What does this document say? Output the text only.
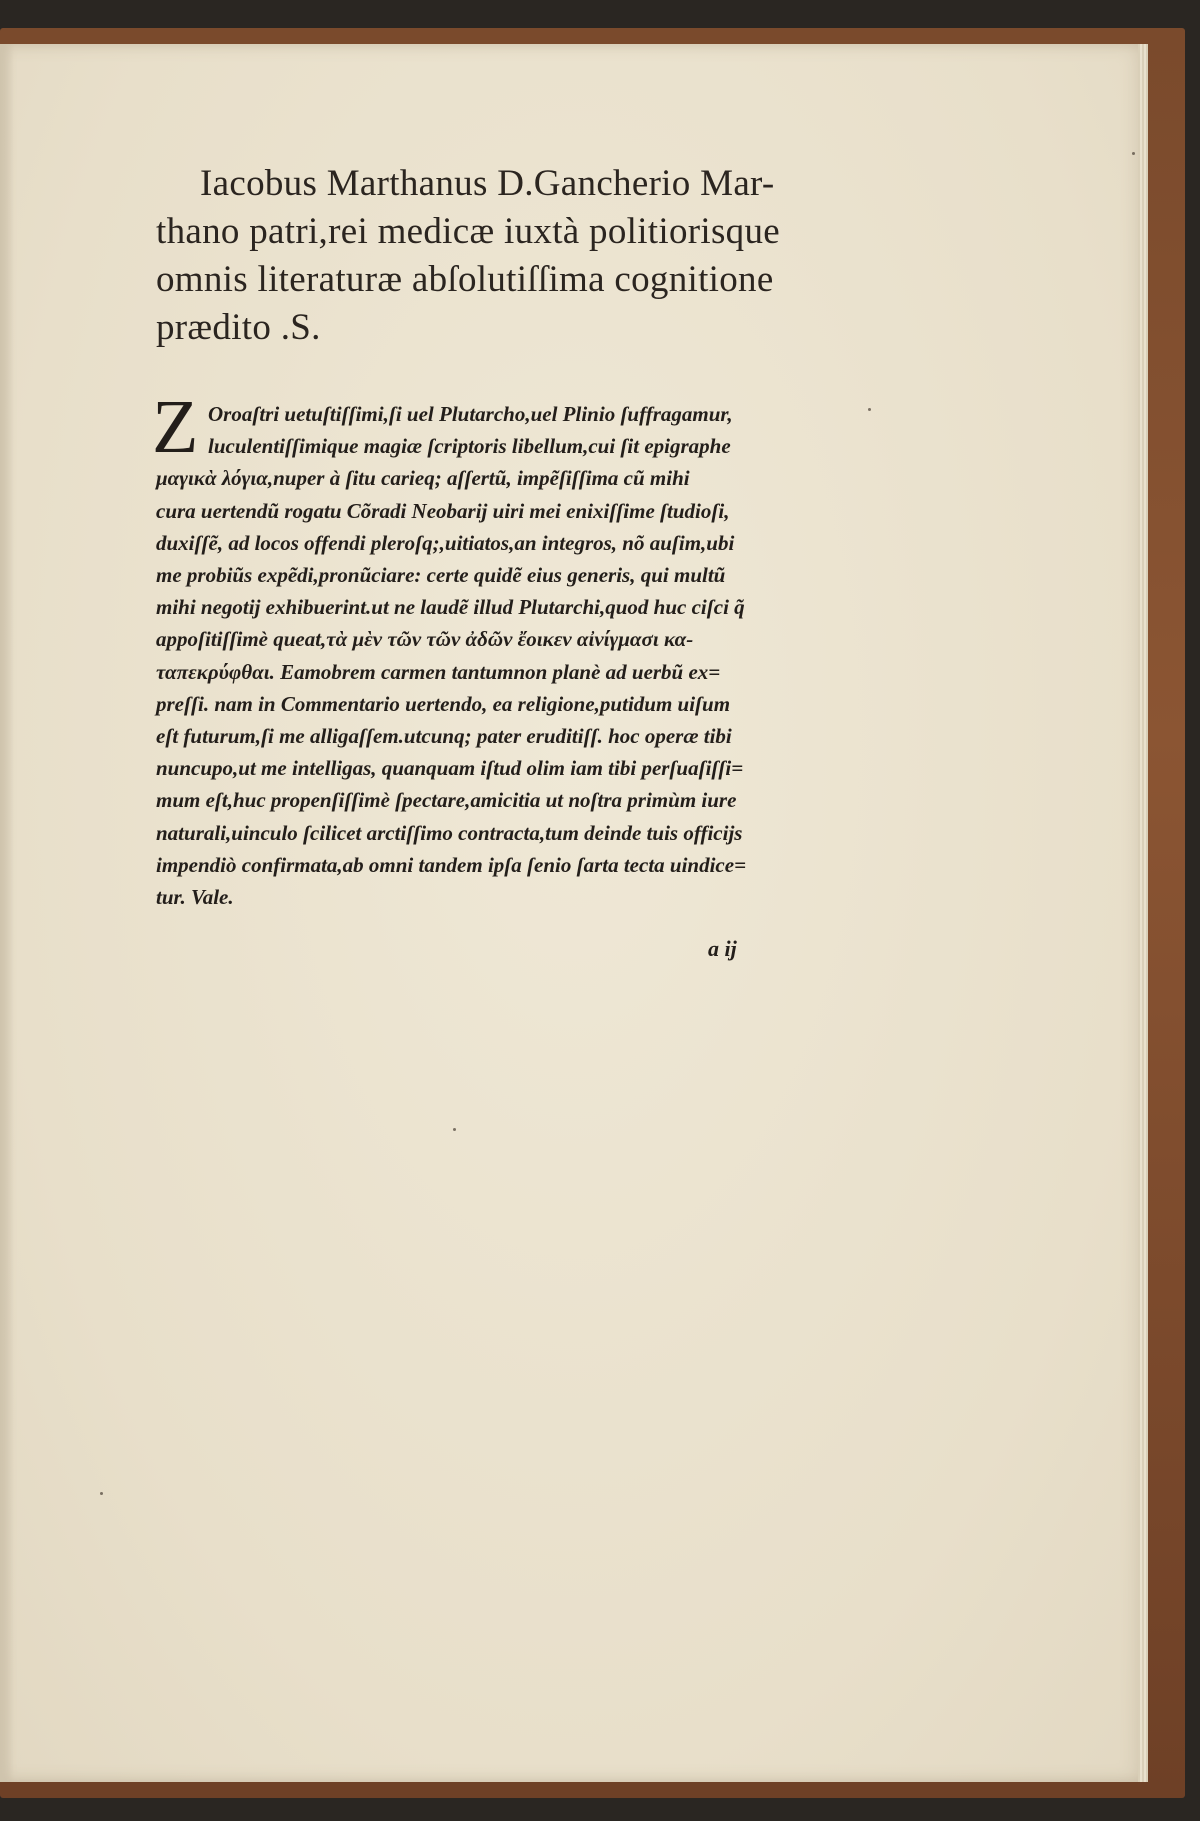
Iacobus Marthanus D.Gancherio Mar-
thano patri,rei medicæ iuxtà politiorisque
omnis literaturæ abſolutiſſima cognitione
prædito .S.
Z Oroaſtri uetuſtiſſimi,ſi uel Plutarcho,uel Plinio ſuffragamur,
luculentiſſimique magiæ ſcriptoris libellum,cui ſit epigraphe
μαγικὰ λόγια,nuper à ſitu carieq; aſſertũ, impẽſiſſima cũ mihi
cura uertendũ rogatu Cõradi Neobarij uiri mei enixiſſime ſtudioſi,
duxiſſẽ, ad locos offendi pleroſq;,uitiatos,an integros, nõ auſim,ubi
me probiũs expẽdi,pronũciare: certe quidẽ eius generis, qui multũ
mihi negotij exhibuerint.ut ne laudẽ illud Plutarchi,quod huc ciſci q̃
appoſitiſſimè queat,τὰ μὲν τῶν τῶν ἀδῶν ἔοικεν αἰνίγμασι κα-
ταπεκρύφθαι. Eamobrem carmen tantumnon planè ad uerbũ ex=
preſſi. nam in Commentario uertendo, ea religione,putidum uiſum
eſt futurum,ſi me alligaſſem.utcunq; pater eruditiſſ. hoc operæ tibi
nuncupo,ut me intelligas, quanquam iſtud olim iam tibi perſuaſiſſi=
mum eſt,huc propenſiſſimè ſpectare,amicitia ut noſtra primùm iure
naturali,uinculo ſcilicet arctiſſimo contracta,tum deinde tuis officijs
impendiò confirmata,ab omni tandem ipſa ſenio ſarta tecta uindice=
tur. Vale.
a ij
